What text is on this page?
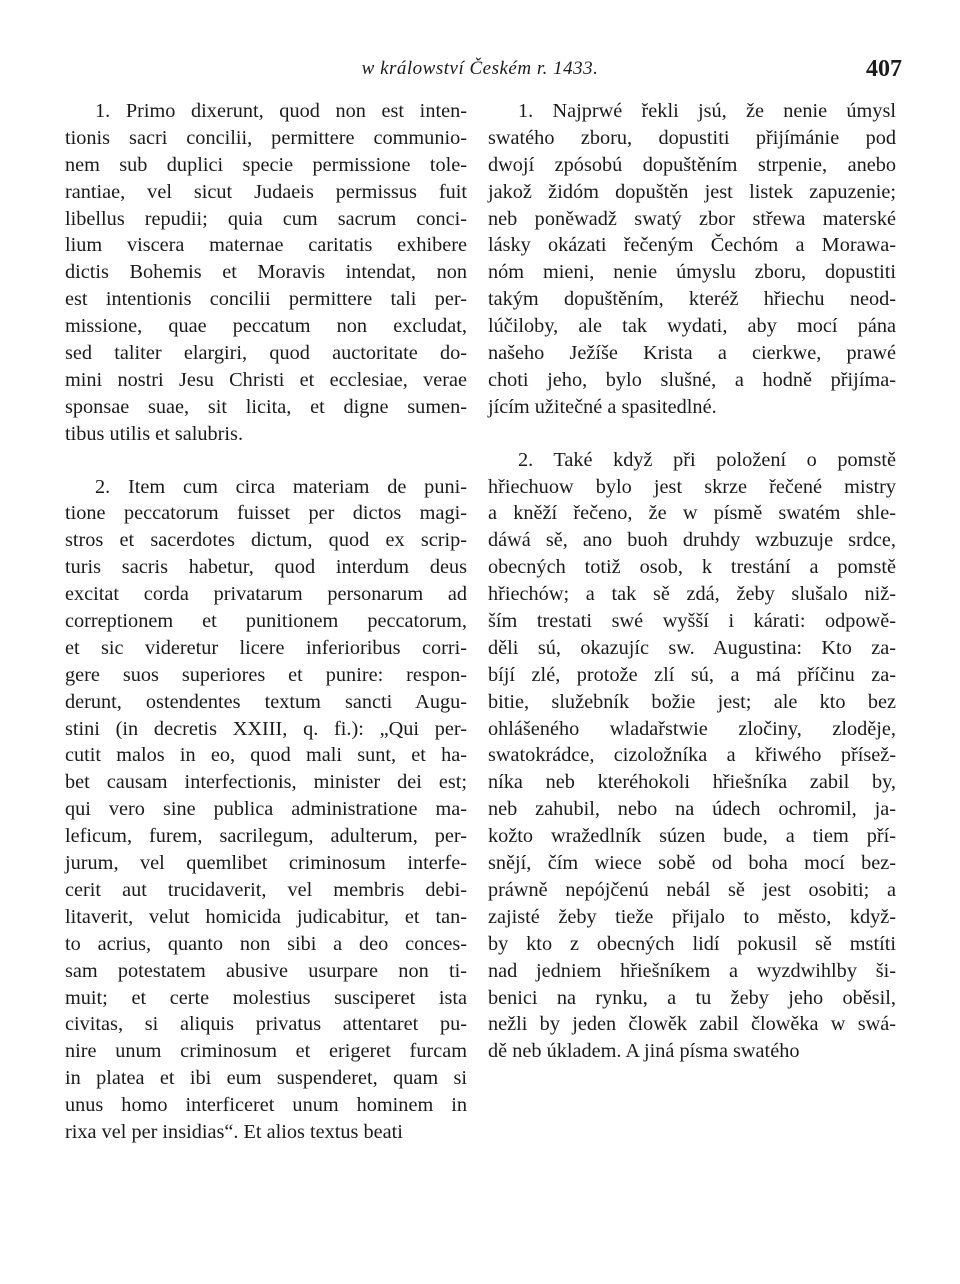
w králowství Českém r. 1433.	407
1. Primo dixerunt, quod non est inten-
tionis sacri concilii, permittere communio-
nem sub duplici specie permissione tole-
rantiae, vel sicut Judaeis permissus fuit
libellus repudii; quia cum sacrum conci-
lium viscera maternae caritatis exhibere
dictis Bohemis et Moravis intendat, non
est intentionis concilii permittere tali per-
missione, quae peccatum non excludat,
sed taliter elargiri, quod auctoritate do-
mini nostri Jesu Christi et ecclesiae, verae
sponsae suae, sit licita, et digne sumen-
tibus utilis et salubris.
2. Item cum circa materiam de puni-
tione peccatorum fuisset per dictos magi-
stros et sacerdotes dictum, quod ex scrip-
turis sacris habetur, quod interdum deus
excitat corda privatarum personarum ad
correptionem et punitionem peccatorum,
et sic videretur licere inferioribus corri-
gere suos superiores et punire: respon-
derunt, ostendentes textum sancti Augu-
stini (in decretis XXIII, q. fi.): „Qui per-
cutit malos in eo, quod mali sunt, et ha-
bet causam interfectionis, minister dei est;
qui vero sine publica administratione ma-
leficum, furem, sacrilegum, adulterum, per-
jurum, vel quemlibet criminosum interfe-
cerit aut trucidaverit, vel membris debi-
litaverit, velut homicida judicabitur, et tan-
to acrius, quanto non sibi a deo conces-
sam potestatem abusive usurpare non ti-
muit; et certe molestius susciperet ista
civitas, si aliquis privatus attentaret pu-
nire unum criminosum et erigeret furcam
in platea et ibi eum suspenderet, quam si
unus homo interficeret unum hominem in
rixa vel per insidias“. Et alios textus beati
1. Najprwé řekli jsú, že nenie úmysl
swatého zboru, dopustiti přijímánie pod
dwojí zpósobú dopuštěním strpenie, anebo
jakož židóm dopuštěn jest listek zapuzenie;
neb poněwadž swatý zbor střewa materské
lásky okázati řečeným Čechóm a Morawa-
nóm mieni, nenie úmyslu zboru, dopustiti
takým dopuštěním, kteréž hřiechu neod-
lúčiloby, ale tak wydati, aby mocí pána
našeho Ježíše Krista a cierkwe, prawé
choti jeho, bylo slušné, a hodně přijíma-
jícím užitečné a spasitedlné.
2. Také když při položení o pomstě
hřiechuow bylo jest skrze řečené mistry
a kněží řečeno, že w písmě swatém shle-
dáwá sě, ano buoh druhdy wzbuzuje srdce,
obecných totiž osob, k trestání a pomstě
hřiechów; a tak sě zdá, žeby slušalo niž-
ším trestati swé wyšší i kárati: odpowě-
děli sú, okazujíc sw. Augustina: Kto za-
bíjí zlé, protože zlí sú, a má příčinu za-
bitie, služebník božie jest; ale kto bez
ohlášeného wladařstwie zločiny, zloděje,
swatokrádce, cizoložníka a křiwého přísež-
níka neb kteréhokoli hřiešníka zabil by,
neb zahubil, nebo na údech ochromil, ja-
kožto wražedlník súzen bude, a tiem pří-
snějí, čím wiece sobě od boha mocí bez-
práwně nepójčenú nebál sě jest osobiti; a
zajisté žeby tieže přijalo to město, když-
by kto z obecných lidí pokusil sě mstíti
nad jedniem hřiešníkem a wyzdwihlby ši-
benici na rynku, a tu žeby jeho oběsil,
nežli by jeden člowěk zabil člowěka w swá-
dě neb úkladem. A jiná písma swatého
